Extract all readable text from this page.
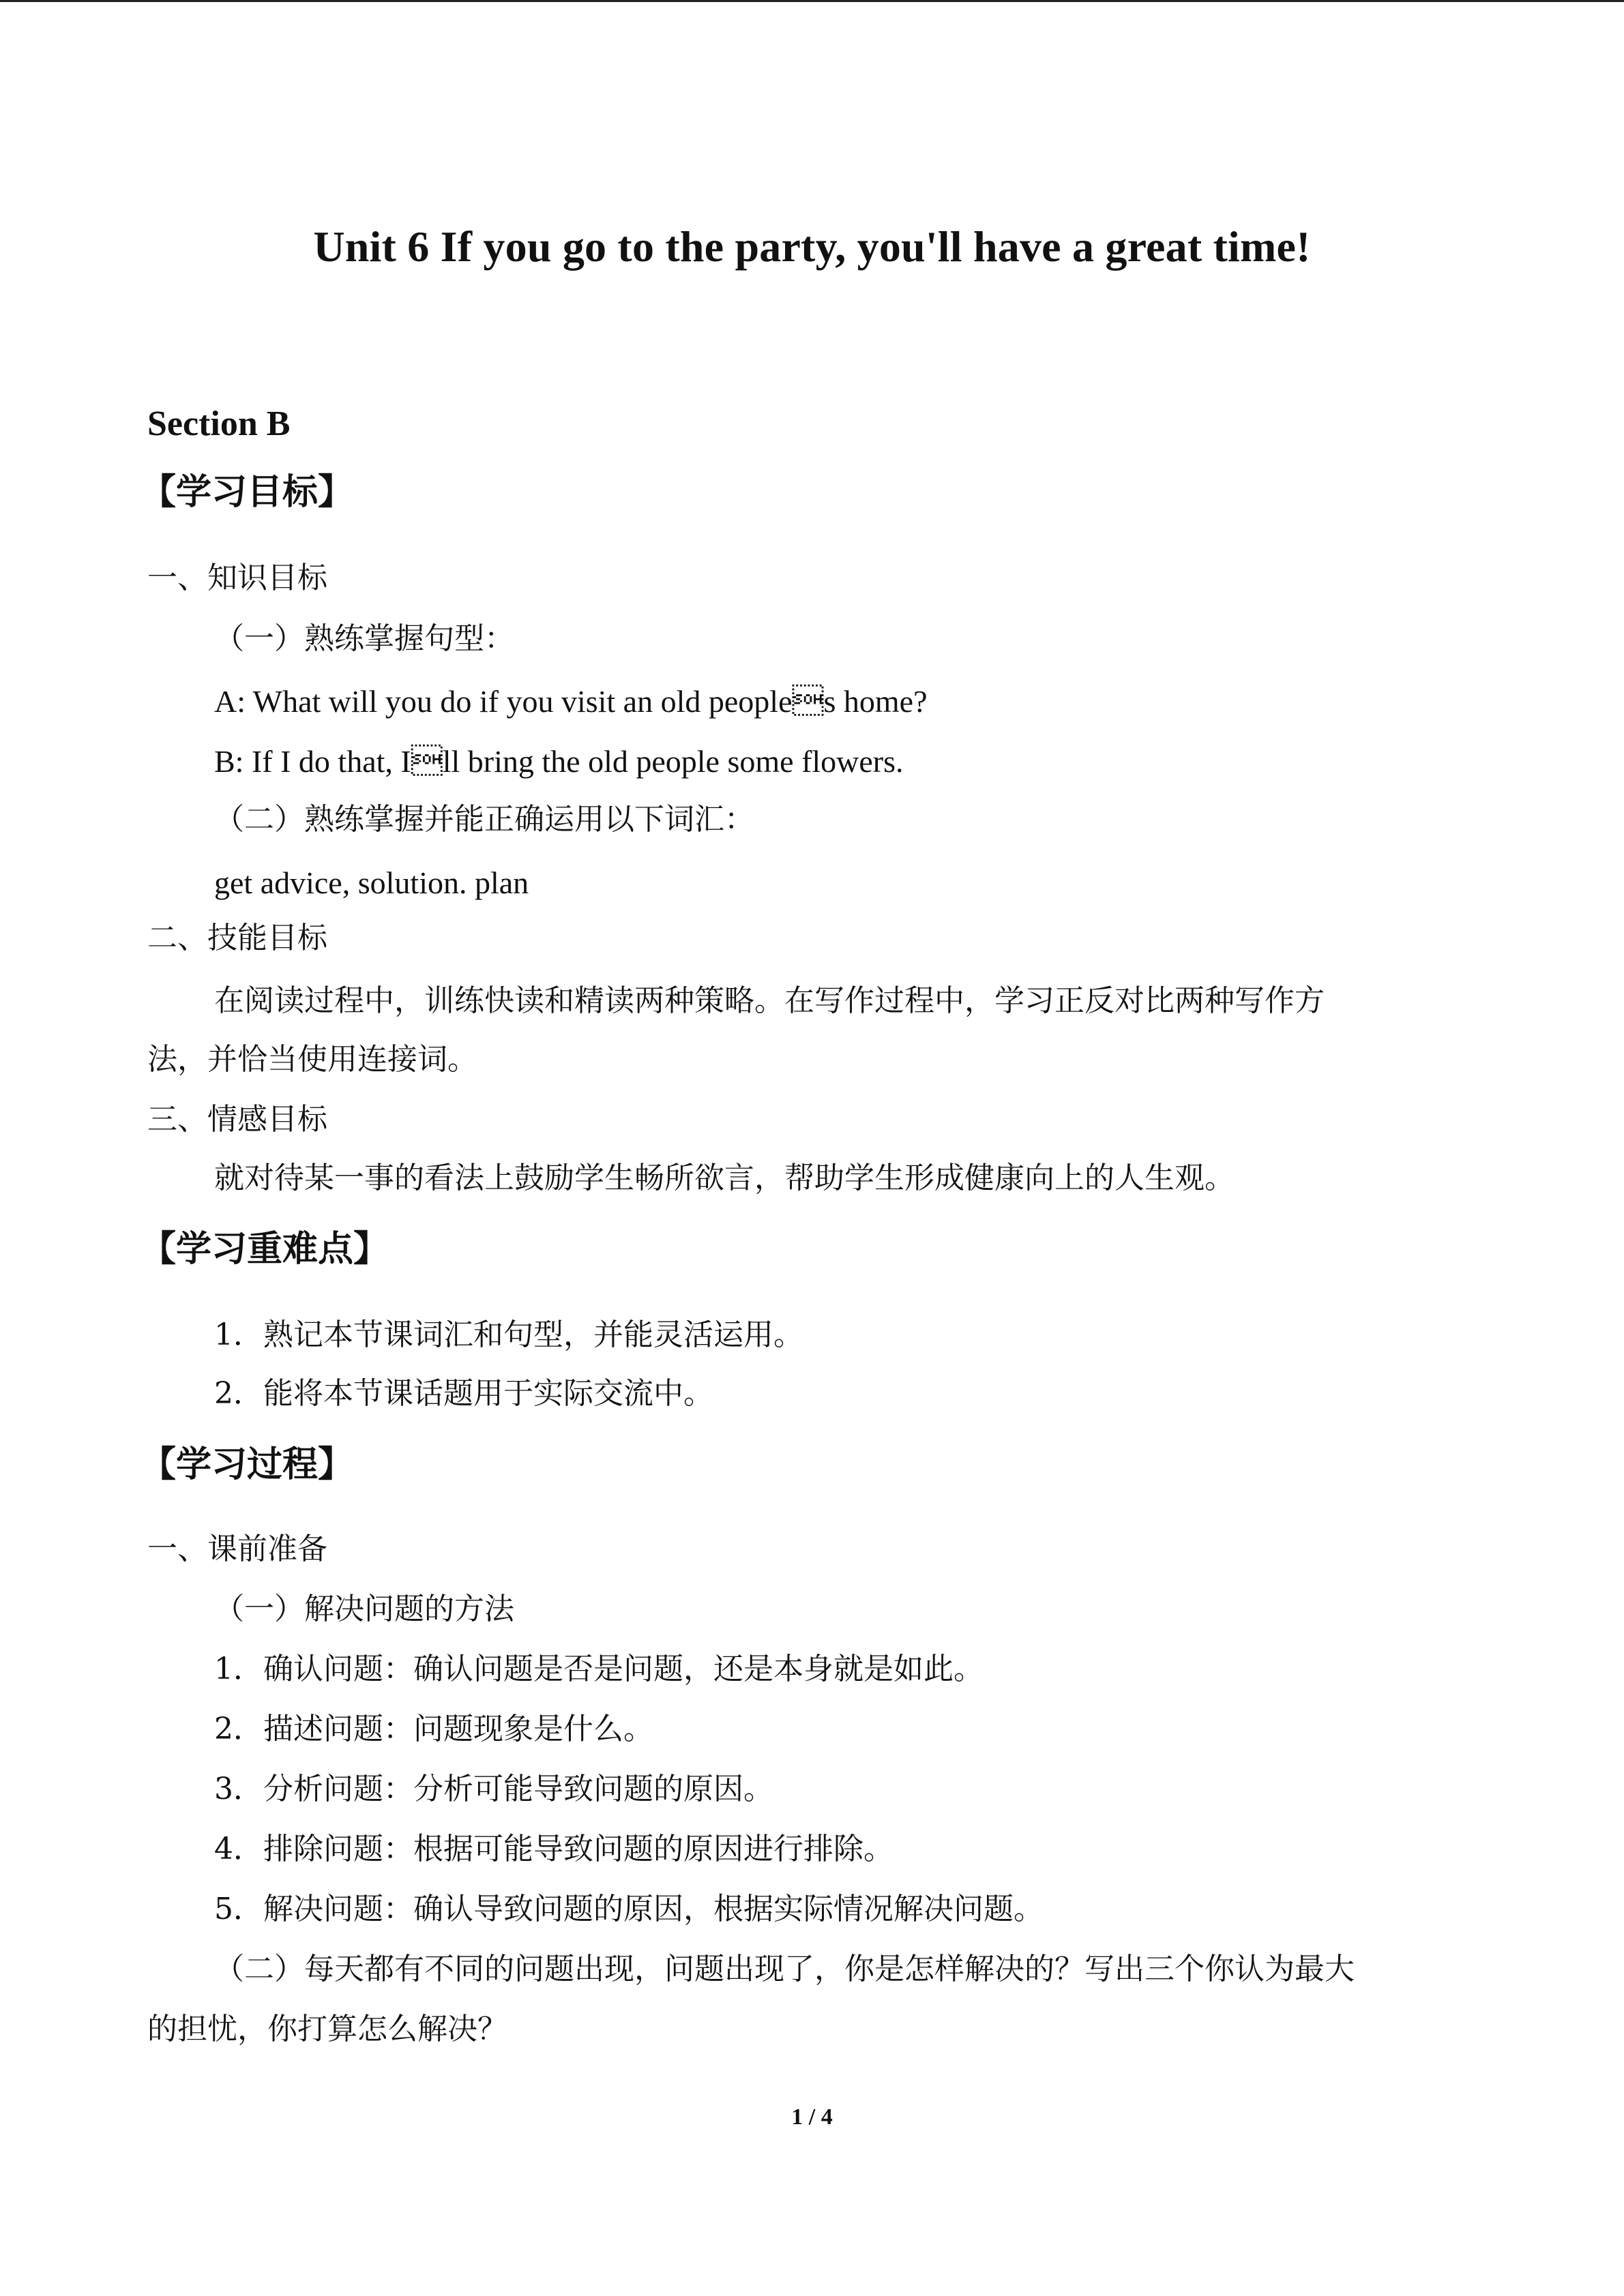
Unit 6 If you go to the party, you'll have a great time!
Section B
【学习目标】
一、知识目标
（一）熟练掌握句型：
A: What will you do if you visit an old peoples home?
B: If I do that, Ill bring the old people some flowers.
（二）熟练掌握并能正确运用以下词汇：
get advice, solution. plan
二、技能目标
在阅读过程中，训练快读和精读两种策略。在写作过程中，学习正反对比两种写作方
法，并恰当使用连接词。
三、情感目标
就对待某一事的看法上鼓励学生畅所欲言，帮助学生形成健康向上的人生观。
【学习重难点】
1．熟记本节课词汇和句型，并能灵活运用。
2．能将本节课话题用于实际交流中。
【学习过程】
一、课前准备
（一）解决问题的方法
1．确认问题：确认问题是否是问题，还是本身就是如此。
2．描述问题：问题现象是什么。
3．分析问题：分析可能导致问题的原因。
4．排除问题：根据可能导致问题的原因进行排除。
5．解决问题：确认导致问题的原因，根据实际情况解决问题。
（二）每天都有不同的问题出现，问题出现了，你是怎样解决的？写出三个你认为最大
的担忧，你打算怎么解决？
1 / 4
